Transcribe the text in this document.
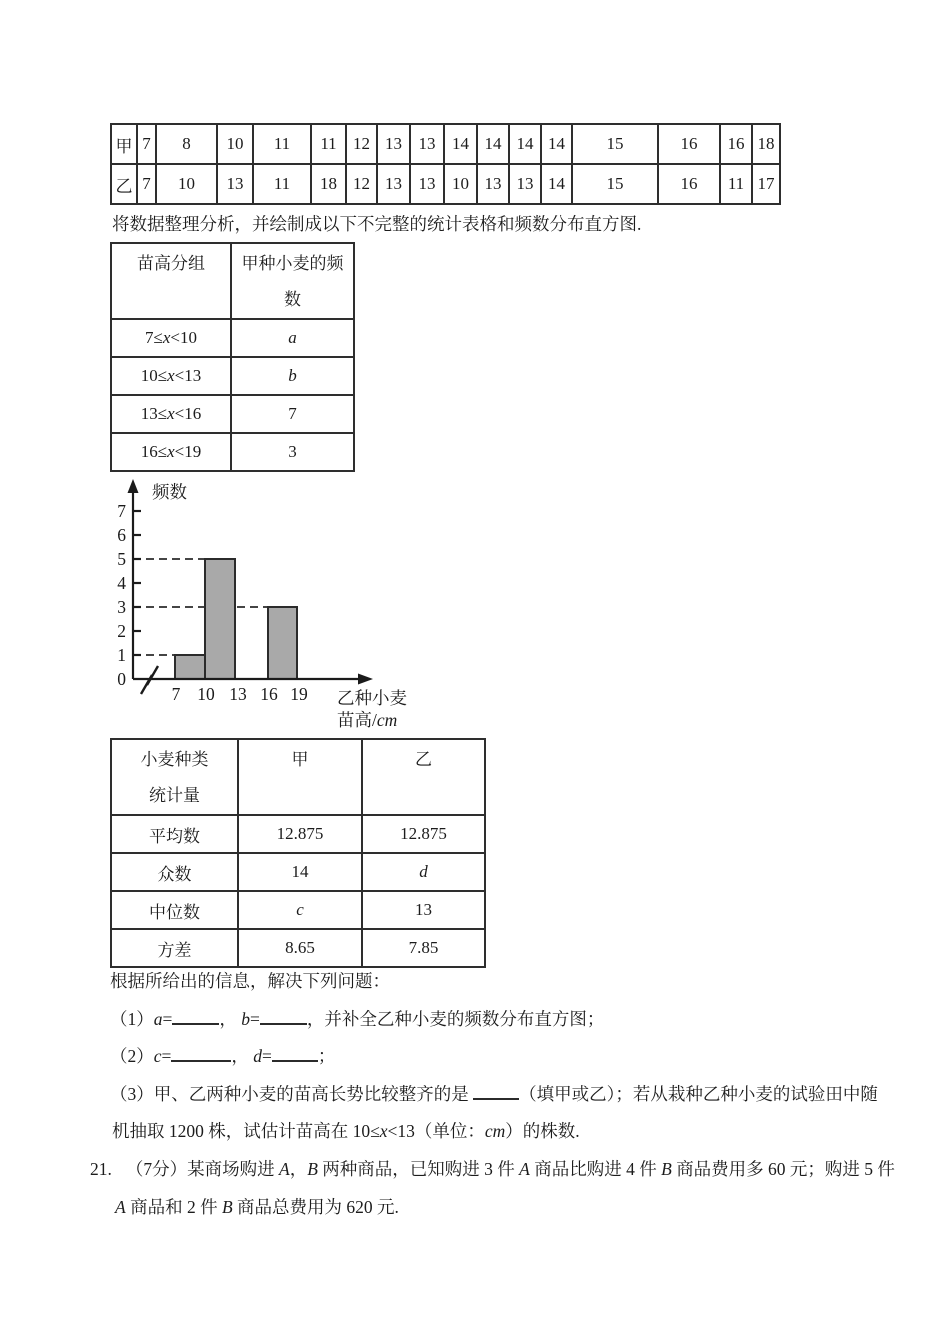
甲	7	8	10	11	11	12	13	13	14	14	14	14	15	16	16	18
乙	7	10	13	11	18	12	13	13	10	13	13	14	15	16	11	17
将数据整理分析，并绘制成以下不完整的统计表格和频数分布直方图.
苗高分组	甲种小麦的频
数

7≤x<10	a
10≤x<13	b
13≤x<16	7
16≤x<19	3
0
1
2
3
4
5
6
7
7 10 13 16 19
频数
乙种小麦
苗高/cm
小麦种类
统计量	甲	乙
平均数	12.875	12.875
众数	14	d
中位数	c	13
方差	8.65	7.85
根据所给出的信息，解决下列问题：
（1）a=	， b=	，并补全乙种小麦的频数分布直方图；
（2）c=	， d=	；
（3）甲、乙两种小麦的苗高长势比较整齐的是	（填甲或乙）；若从栽种乙种小麦的试验田中随
机抽取 1200 株，试估计苗高在 10≤x<13（单位：cm）的株数.
21. （7分）某商场购进 A，B 两种商品，已知购进 3 件 A 商品比购进 4 件 B 商品费用多 60 元；购进 5 件
A 商品和 2 件 B 商品总费用为 620 元.
